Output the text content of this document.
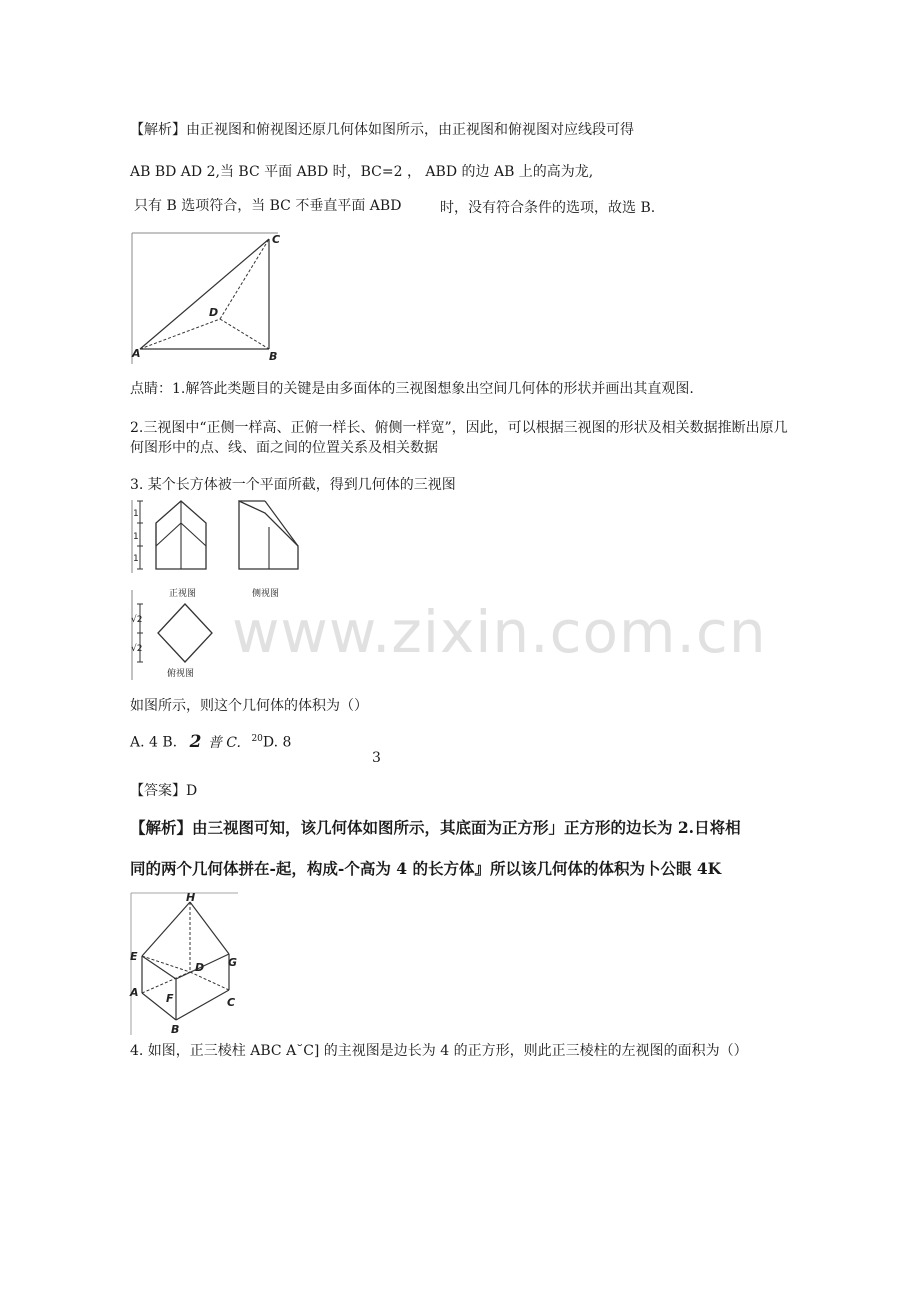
【解析】由正视图和俯视图还原几何体如图所示，由正视图和俯视图对应线段可得
AB BD AD 2,当 BC 平面 ABD 时，BC=2 ， ABD 的边 AB 上的高为龙,
只有 B 选项符合，当 BC 不垂直平面 ABD	时，没有符合条件的选项，故选 B.
C
D
A	B
点睛：1.解答此类题目的关键是由多面体的三视图想象出空间几何体的形状并画出其直观图.
2.三视图中“正侧一样高、正俯一样长、俯侧一样宽”，因此，可以根据三视图的形状及相关数据推断出原几
何图形中的点、线、面之间的位置关系及相关数据
3. 某个长方体被一个平面所截，得到几何体的三视图
1
1
1
正视图	侧视图
√2
√2
俯视图
www.zixin.com.cn
如图所示，则这个几何体的体积为（）
A. 4 B. 2 普 C. $^{20}$D. 8
3
【答案】D
【解析】由三视图可知，该几何体如图所示，其底面为正方形」正方形的边长为 2.日将相
同的两个几何体拼在-起，构成-个高为 4 的长方体』所以该几何体的体积为卜公眼 4K
H
E	G
D
A F	C
B
4. 如图，正三棱柱 ABC A˘C] 的主视图是边长为 4 的正方形，则此正三棱柱的左视图的面积为（）
